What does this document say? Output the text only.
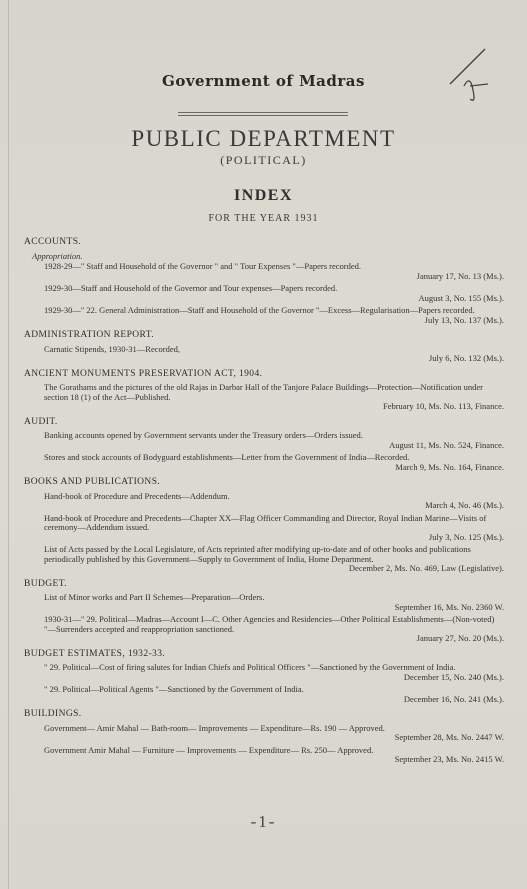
Government of Madras
PUBLIC DEPARTMENT
(POLITICAL)
INDEX
FOR THE YEAR 1931
ACCOUNTS.
Appropriation.
1928-29—" Staff and Household of the Governor " and " Tour Expenses "—Papers recorded.
January 17, No. 13 (Ms.).
1929-30—Staff and Household of the Governor and Tour expenses—Papers recorded.
August 3, No. 155 (Ms.).
1929-30—" 22. General Administration—Staff and Household of the Governor "—Excess—Regularisation—Papers recorded.
July 13, No. 137 (Ms.).
ADMINISTRATION REPORT.
Carnatic Stipends, 1930-31—Recorded,
July 6, No. 132 (Ms.).
ANCIENT MONUMENTS PRESERVATION ACT, 1904.
The Gorathams and the pictures of the old Rajas in Darbar Hall of the Tanjore Palace Buildings—Protection—Notification under section 18 (1) of the Act—Published.
February 10, Ms. No. 113, Finance.
AUDIT.
Banking accounts opened by Government servants under the Treasury orders—Orders issued.
August 11, Ms. No. 524, Finance.
Stores and stock accounts of Bodyguard establishments—Letter from the Government of India—Recorded.
March 9, Ms. No. 164, Finance.
BOOKS AND PUBLICATIONS.
Hand-book of Procedure and Precedents—Addendum.
March 4, No. 46 (Ms.).
Hand-book of Procedure and Precedents—Chapter XX—Flag Officer Commanding and Director, Royal Indian Marine—Visits of ceremony—Addendum issued.
July 3, No. 125 (Ms.).
List of Acts passed by the Local Legislature, of Acts reprinted after modifying up-to-date and of other books and publications periodically published by this Government—Supply to Government of India, Home Department.
December 2, Ms. No. 469, Law (Legislative).
BUDGET.
List of Minor works and Part II Schemes—Preparation—Orders.
September 16, Ms. No. 2360 W.
1930-31—" 29. Political—Madras—Account I—C. Other Agencies and Residencies—Other Political Establishments—(Non-voted) "—Surrenders accepted and reappropriation sanctioned.
January 27, No. 20 (Ms.).
BUDGET ESTIMATES, 1932-33.
" 29. Political—Cost of firing salutes for Indian Chiefs and Political Officers "—Sanctioned by the Government of India.
December 15, No. 240 (Ms.).
" 29. Political—Political Agents "—Sanctioned by the Government of India.
December 16, No. 241 (Ms.).
BUILDINGS.
Government— Amir Mahal — Bath-room— Improvements — Expenditure—Rs. 190 — Approved.
September 28, Ms. No. 2447 W.
Government Amir Mahal — Furniture — Improvements — Expenditure— Rs. 250— Approved.
September 23, Ms. No. 2415 W.
-1-
